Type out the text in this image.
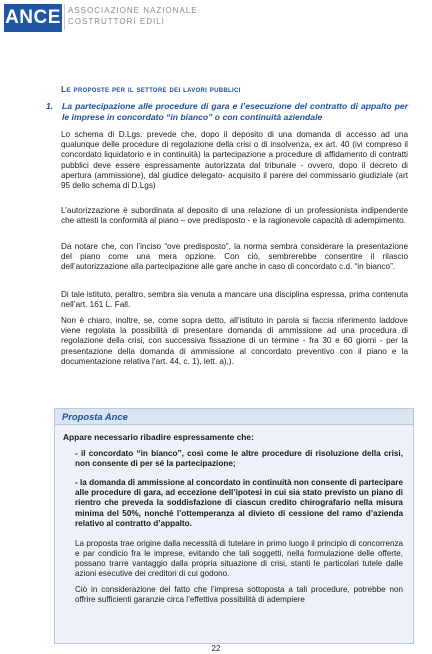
ANCE ASSOCIAZIONE NAZIONALE
COSTRUTTORI EDILI
Le proposte per il settore dei lavori pubblici
1. La partecipazione alle procedure di gara e l’esecuzione del contratto di appalto per le imprese in concordato “in bianco” o con continuità aziendale
Lo schema di D.Lgs. prevede che, dopo il deposito di una domanda di accesso ad una qualunque delle procedure di regolazione della crisi o di insolvenza, ex art. 40 (ivi compreso il concordato liquidatorio e in continuità) la partecipazione a procedure di affidamento di contratti pubblici deve essere espressamente autorizzata dal tribunale - ovvero, dopo il decreto di apertura (ammissione), dal giudice delegato- acquisito il parere del commissario giudiziale (art 95 dello schema di D.Lgs)
L’autorizzazione è subordinata al deposito di una relazione di un professionista indipendente che attesti la conformità al piano – ove predisposto - e la ragionevole capacità di adempimento.
Da notare che, con l’inciso “ove predisposto”, la norma sembra considerare la presentazione del piano come una mera opzione. Con ciò, sembrerebbe consentire il rilascio dell’autorizzazione alla partecipazione alle gare anche in caso di concordato c.d. “in bianco”.
Di tale istituto, peraltro, sembra sia venuta a mancare una disciplina espressa, prima contenuta nell’art. 161 L. Fall.
Non è chiaro, inoltre, se, come sopra detto, all’istituto in parola si faccia riferimento laddove viene regolata la possibilità di presentare domanda di ammissione ad una procedura di regolazione della crisi, con successiva fissazione di un termine - fra 30 e 60 giorni - per la presentazione della domanda di ammissione al concordato preventivo con il piano e la documentazione relativa l’art. 44, c. 1), lett. a),).
Proposta Ance
Appare necessario ribadire espressamente che:
- il concordato “in bianco”, così come le altre procedure di risoluzione della crisi, non consente di per sé la partecipazione;
- la domanda di ammissione al concordato in continuità non consente di partecipare alle procedure di gara, ad eccezione dell’ipotesi in cui sia stato previsto un piano di rientro che preveda la soddisfazione di ciascun credito chirografario nella misura minima del 50%, nonché l’ottemperanza al divieto di cessione del ramo d’azienda relativo al contratto d’appalto.
La proposta trae origine dalla necessità di tutelare in primo luogo il principio di concorrenza e par condicio fra le imprese, evitando che tali soggetti, nella formulazione delle offerte, possano trarre vantaggio dalla propria situazione di crisi, stanti le particolari tutele dalle azioni esecutive dei creditori di cui godono.
Ciò in considerazione del fatto che l’impresa sottoposta a tali procedure, potrebbe non offrire sufficienti garanzie circa l’effettiva possibilità di adempiere
22
